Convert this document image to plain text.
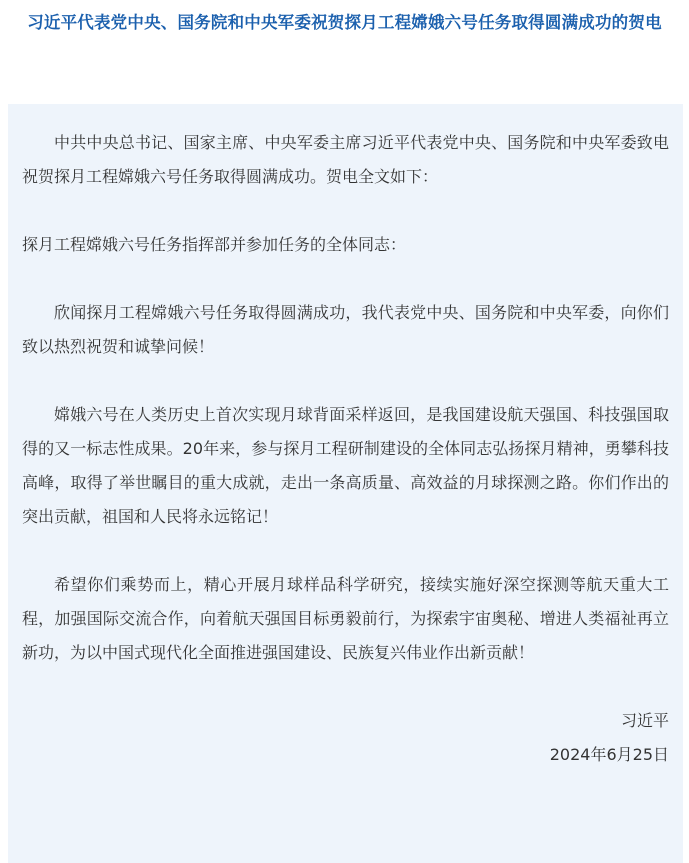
习近平代表党中央、国务院和中央军委祝贺探月工程嫦娥六号任务取得圆满成功的贺电

中共中央总书记、国家主席、中央军委主席习近平代表党中央、国务院和中央军委致电祝贺探月工程嫦娥六号任务取得圆满成功。贺电全文如下：

探月工程嫦娥六号任务指挥部并参加任务的全体同志：

欣闻探月工程嫦娥六号任务取得圆满成功，我代表党中央、国务院和中央军委，向你们致以热烈祝贺和诚挚问候！

嫦娥六号在人类历史上首次实现月球背面采样返回，是我国建设航天强国、科技强国取得的又一标志性成果。20年来，参与探月工程研制建设的全体同志弘扬探月精神，勇攀科技高峰，取得了举世瞩目的重大成就，走出一条高质量、高效益的月球探测之路。你们作出的突出贡献，祖国和人民将永远铭记！

希望你们乘势而上，精心开展月球样品科学研究，接续实施好深空探测等航天重大工程，加强国际交流合作，向着航天强国目标勇毅前行，为探索宇宙奥秘、增进人类福祉再立新功，为以中国式现代化全面推进强国建设、民族复兴伟业作出新贡献！

习近平
2024年6月25日
